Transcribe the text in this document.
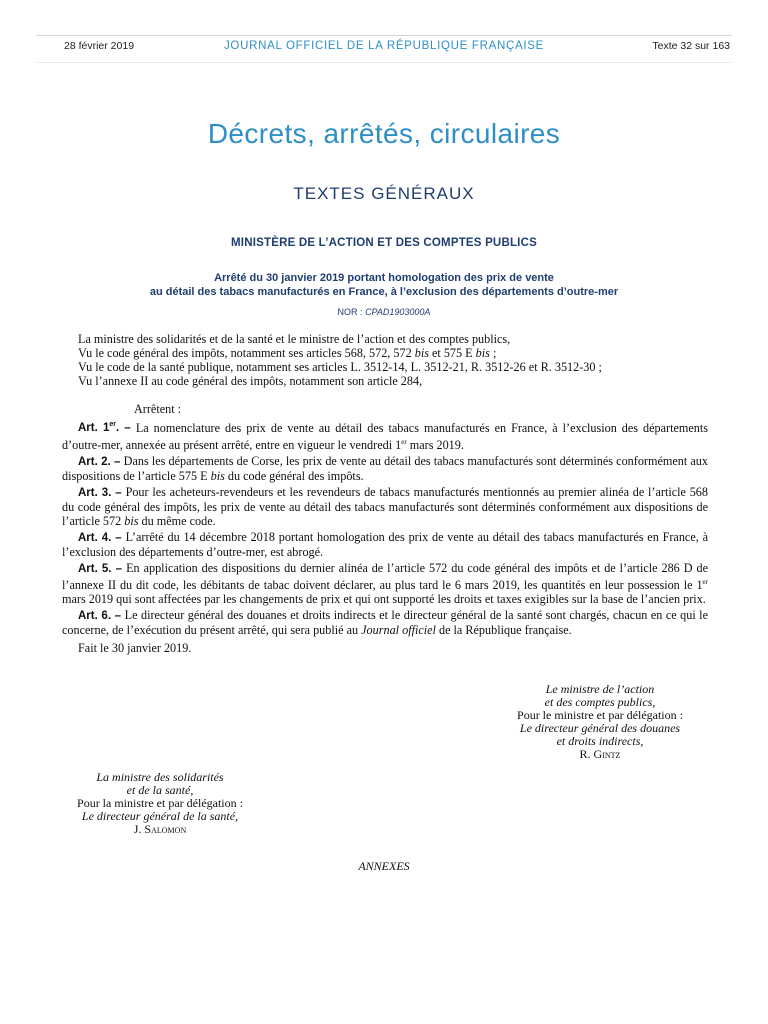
28 février 2019	JOURNAL OFFICIEL DE LA RÉPUBLIQUE FRANÇAISE	Texte 32 sur 163
Décrets, arrêtés, circulaires
TEXTES GÉNÉRAUX
MINISTÈRE DE L’ACTION ET DES COMPTES PUBLICS
Arrêté du 30 janvier 2019 portant homologation des prix de vente
au détail des tabacs manufacturés en France, à l’exclusion des départements d’outre-mer
NOR : CPAD1903000A

La ministre des solidarités et de la santé et le ministre de l’action et des comptes publics,

Vu le code général des impôts, notamment ses articles 568, 572, 572 bis et 575 E bis ;

Vu le code de la santé publique, notamment ses articles L. 3512-14, L. 3512-21, R. 3512-26 et R. 3512-30 ;

Vu l’annexe II au code général des impôts, notamment son article 284,

Arrêtent :

Art. 1er. – La nomenclature des prix de vente au détail des tabacs manufacturés en France, à l’exclusion des départements d’outre-mer, annexée au présent arrêté, entre en vigueur le vendredi 1er mars 2019.

Art. 2. – Dans les départements de Corse, les prix de vente au détail des tabacs manufacturés sont déterminés conformément aux dispositions de l’article 575 E bis du code général des impôts.

Art. 3. – Pour les acheteurs-revendeurs et les revendeurs de tabacs manufacturés mentionnés au premier alinéa de l’article 568 du code général des impôts, les prix de vente au détail des tabacs manufacturés sont déterminés conformément aux dispositions de l’article 572 bis du même code.

Art. 4. – L’arrêté du 14 décembre 2018 portant homologation des prix de vente au détail des tabacs manufacturés en France, à l’exclusion des départements d’outre-mer, est abrogé.

Art. 5. – En application des dispositions du dernier alinéa de l’article 572 du code général des impôts et de l’article 286 D de l’annexe II du dit code, les débitants de tabac doivent déclarer, au plus tard le 6 mars 2019, les quantités en leur possession le 1er mars 2019 qui sont affectées par les changements de prix et qui ont supporté les droits et taxes exigibles sur la base de l’ancien prix.

Art. 6. – Le directeur général des douanes et droits indirects et le directeur général de la santé sont chargés, chacun en ce qui le concerne, de l’exécution du présent arrêté, qui sera publié au Journal officiel de la République française.

Fait le 30 janvier 2019.

Le ministre de l’action

et des comptes publics,

Pour le ministre et par délégation :

Le directeur général des douanes

et droits indirects,

R. Gintz

La ministre des solidarités

et de la santé,

Pour la ministre et par délégation :

Le directeur général de la santé,

J. Salomon

ANNEXES
